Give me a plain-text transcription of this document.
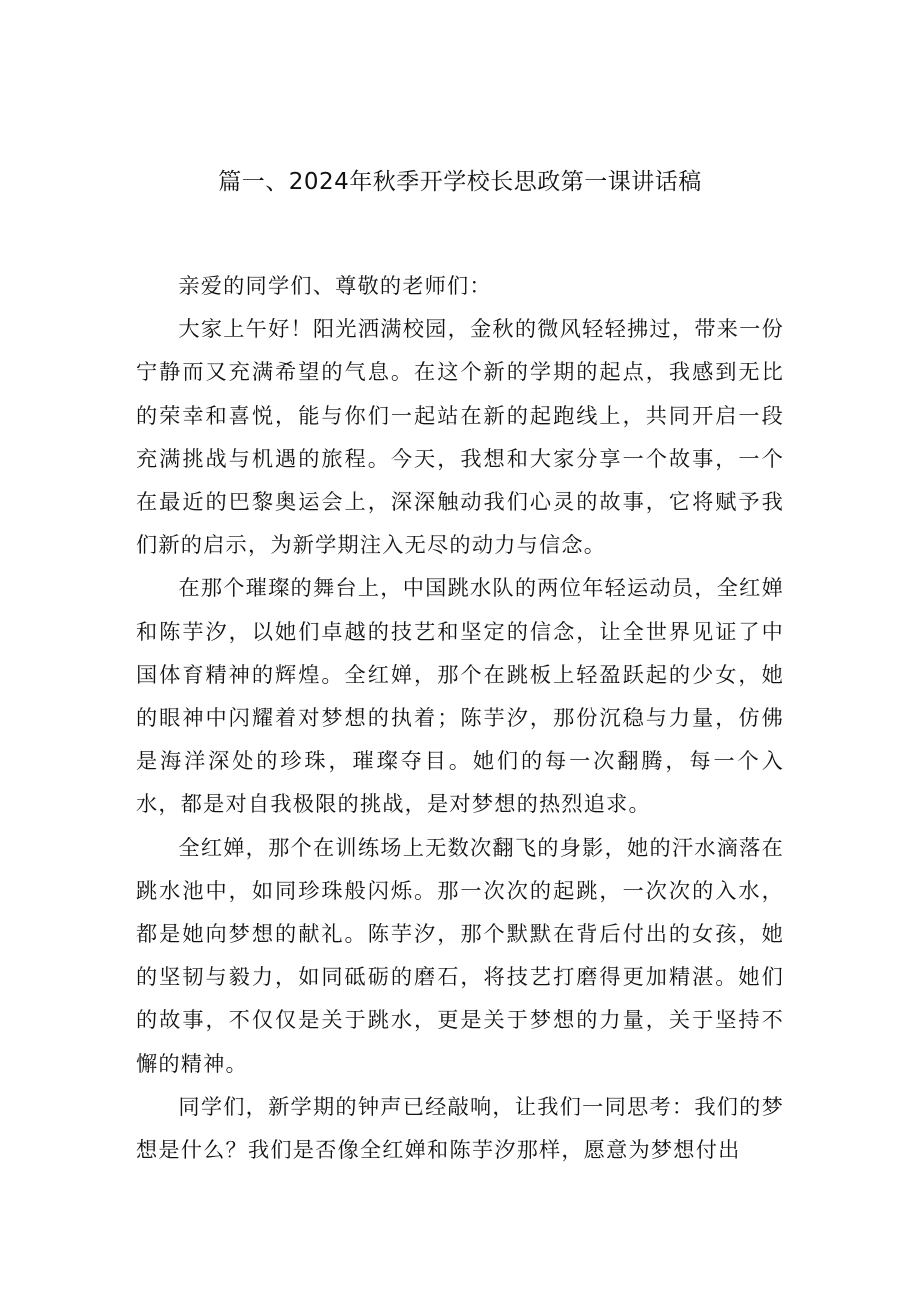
篇一、2024年秋季开学校长思政第一课讲话稿

亲爱的同学们、尊敬的老师们：

大家上午好！阳光洒满校园，金秋的微风轻轻拂过，带来一份宁静而又充满希望的气息。在这个新的学期的起点，我感到无比的荣幸和喜悦，能与你们一起站在新的起跑线上，共同开启一段充满挑战与机遇的旅程。今天，我想和大家分享一个故事，一个在最近的巴黎奥运会上，深深触动我们心灵的故事，它将赋予我们新的启示，为新学期注入无尽的动力与信念。

在那个璀璨的舞台上，中国跳水队的两位年轻运动员，全红婵和陈芋汐，以她们卓越的技艺和坚定的信念，让全世界见证了中国体育精神的辉煌。全红婵，那个在跳板上轻盈跃起的少女，她的眼神中闪耀着对梦想的执着；陈芋汐，那份沉稳与力量，仿佛是海洋深处的珍珠，璀璨夺目。她们的每一次翻腾，每一个入水，都是对自我极限的挑战，是对梦想的热烈追求。

全红婵，那个在训练场上无数次翻飞的身影，她的汗水滴落在跳水池中，如同珍珠般闪烁。那一次次的起跳，一次次的入水，都是她向梦想的献礼。陈芋汐，那个默默在背后付出的女孩，她的坚韧与毅力，如同砥砺的磨石，将技艺打磨得更加精湛。她们的故事，不仅仅是关于跳水，更是关于梦想的力量，关于坚持不懈的精神。

同学们，新学期的钟声已经敲响，让我们一同思考：我们的梦想是什么？我们是否像全红婵和陈芋汐那样，愿意为梦想付出
